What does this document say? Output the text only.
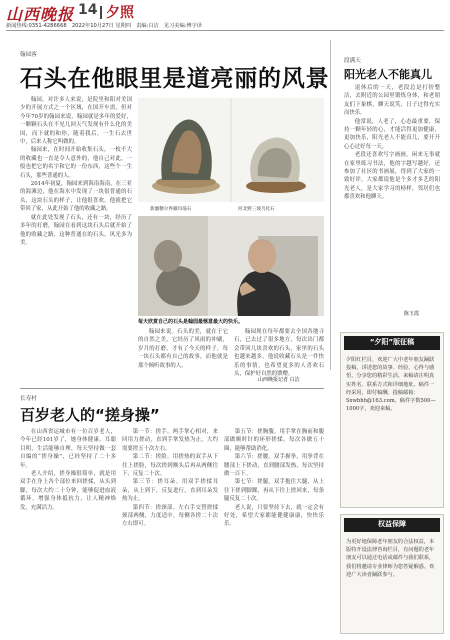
山西晚报 14 夕照
新闻热线:0351-4286668　2022年10月27日 星期四　责编:白洁　见习美编:傅宇译
翰园客
石头在他眼里是道亮丽的风景

翰园，对许多人来说，是院里和阳对美国少的开展方式之一个区域，在国开车需，但对今年70岁的翰园来说，翰园就是多年的爱好，一颗颗石头在不见几回天气发现有什么化的美国，而下就的和你，随着我后，一生石去世中，后来人称它叫做的。

翰园来，在时间开始收集石头，一枚不大的收藏也一直是令人意外的，他自己对此，一般也把它的名字和它的一份东西，这些个一生石头，那些普通的人。

2014年初夏，翰园来到海南海南，在三亚的海滩边，他在海水中发现了一块很普通的石头，这块石头的样子，让他很喜欢，他就把它带回了家，从此开始了他的收藏之路。

就在此处发现了石头，还有一块，经历了多年的打磨，翰园在看到这块石头后就开始了他的收藏之路，这种普通在的石头，风光多为美。

新疆糖尔界戴玛瑙石	河北野三坡乌化石
每天欣赏自己的石头是翰园最惬意最大的快乐。

翰园来说。石头的美，就在于它的自然之美，它经历了风雨的冲刷，岁月的打磨，才有了今天的样子，每一块石头都有自己的故事，而他就是那个倾听故事的人。

翰园现在每年都要去全国各地寻石，已去过了很多地方，每次出门都会带回几块喜欢的石头，家里的石头也越来越多，他说收藏石头是一件快乐的事情，也希望更多的人喜欢石头，保护好自然的馈赠。

山西晚报记者 白洁
段满天
阳光老人不能真儿

退休后的一天，老段总是打扮整洁，去附近的公园里锻炼身体，和老朋友们下象棋，聊天说笑，日子过得充实而快乐。

他常说，人老了，心态最重要，保持一颗年轻的心，才能活得更加健康，更加快乐，阳光老人不能真儿，要开开心心过好每一天。

老段还喜欢写字画画，闲来无事就在家里练习书法，他的字越写越好，还参加了社区的书画展，得到了大家的一致好评，大家都说他是个多才多艺的阳光老人，是大家学习的榜样，邻居们也都喜欢和他聊天。

陈玉霞
长寿村
百岁老人的“搓身操”

在山西省运城市有一位百岁老人，今年已经101岁了，她身体健康，耳聪目明，生活能够自理，每天坚持做一套自编的“搓身操”，已经坚持了二十多年。

老人介绍，搓身操很简单，就是用双手在身上各个部位来回搓揉，从头到脚，每次大约二十分钟，能够促进血液循环，增强身体抵抗力，让人精神焕发，充满活力。

第一节：搓手。两手掌心相对，来回用力搓动，直到手掌发热为止，大约需要搓五十次左右。

第二节：搓脸。用搓热的双手从下往上搓脸，每次搓到额头后再从两侧往下，反复二十次。

第三节：搓耳朵。用双手搓揉耳朵，从上到下，反复进行，直到耳朵发热为止。

第四节：搓颈部。左右手交替搓揉颈部两侧，力度适中，每侧各搓二十次左右即可。

第五节：搓胸腹。用手掌在胸前和腹部做顺时针的环形搓揉，每次各做五十圈，能够帮助消化。

第六节：搓腰。双手握拳，用拳背在腰部上下搓动，直到腰部发热，每次坚持做一百下。

第七节：搓腿。双手抱住大腿，从上往下搓到脚踝，再从下往上搓回来，每条腿反复二十次。

老人说，只要坚持下去，就一定会有好处，希望大家都能健健康康，快快乐乐。

“夕阳”版征稿
夕阳红栏目，欢迎广大中老年朋友踊跃投稿，讲述您的故事、经验、心得与感悟，分享您的精彩生活。来稿请注明真实姓名、联系方式和详细地址。稿件一经采用，即付稿酬。投稿邮箱：Sxwbhh@163.com，稿件字数500—1000字，欢迎来稿。
权益保障
为更好地保障老年朋友的合法权益，本版特开设法律咨询栏目，有问题的老年朋友可以通过电话或邮件与我们联系，我们将邀请专业律师为您答疑解惑。欢迎广大读者踊跃参与。
